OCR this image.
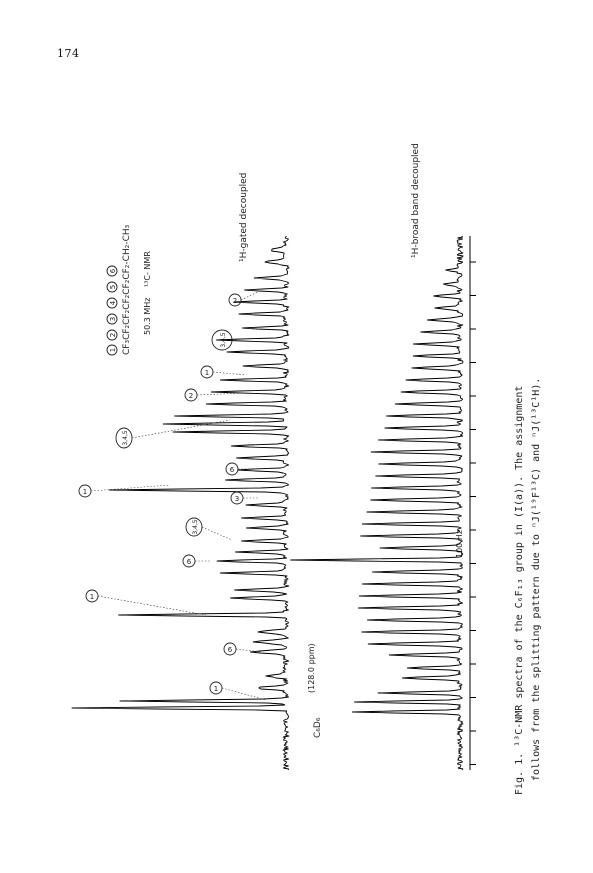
174
Fig. 1. ¹³C-NMR spectra of the C₆F₁₃ group in (I(a)). The assignment follows from the splitting pattern due to ⁿJ(¹⁹F¹³C) and ⁿJ(¹³C¹H).
1
2
3
4
5
6 CF₃CF₂CF₂CF₂CF₂CF₂-CH₂-CH₃ 50.3 MHz
¹³C- NMR
¹H-gated decoupled	¹H-broad band decoupled
C₆D₆
(128.0 ppm)
100 Hz
1
6
1
6
3,4,5
1
3
6
3,4,5
2
1
3,4,5
2
